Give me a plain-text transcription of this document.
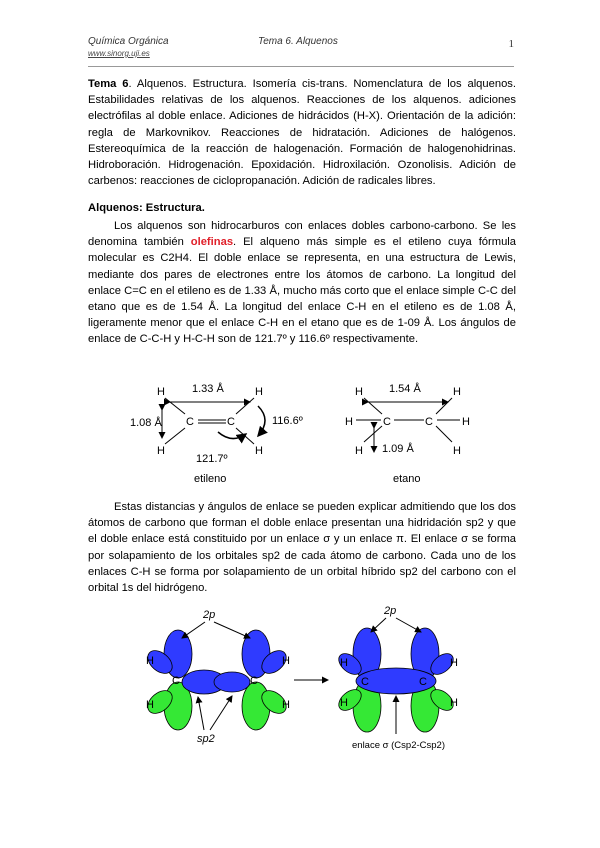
Química Orgánica
www.sinorg.uji.es
Tema 6. Alquenos	1
Tema 6. Alquenos. Estructura. Isomería cis-trans. Nomenclatura de los alquenos. Estabilidades relativas de los alquenos. Reacciones de los alquenos. adiciones electrófilas al doble enlace. Adiciones de hidrácidos (H-X). Orientación de la adición: regla de Markovnikov. Reacciones de hidratación. Adiciones de halógenos. Estereoquímica de la reacción de halogenación. Formación de halogenohidrinas. Hidroboración. Hidrogenación. Epoxidación. Hidroxilación. Ozonolisis. Adición de carbenos: reacciones de ciclopropanación. Adición de radicales libres.
Alquenos: Estructura.
Los alquenos son hidrocarburos con enlaces dobles carbono-carbono. Se les denomina también olefinas. El alqueno más simple es el etileno cuya fórmula molecular es C2H4. El doble enlace se representa, en una estructura de Lewis, mediante dos pares de electrones entre los átomos de carbono. La longitud del enlace C=C en el etileno es de 1.33 Å, mucho más corto que el enlace simple C-C del etano que es de 1.54 Å. La longitud del enlace C-H en el etileno es de 1.08 Å, ligeramente menor que el enlace C-H en el etano que es de 1-09 Å. Los ángulos de enlace de C-C-H y H-C-H son de 121.7º y 116.6º respectivamente.
C	C
H
H
H
H
1.33 Å
1.08 Å	116.6º
121.7º
etileno
C	C
H
H
H
H
H
H
1.54 Å
1.09 Å
etano
Estas distancias y ángulos de enlace se pueden explicar admitiendo que los dos átomos de carbono que forman el doble enlace presentan una hidridación sp2 y que el doble enlace está constituido por un enlace σ y un enlace π. El enlace σ se forma por solapamiento de los orbitales sp2 de cada átomo de carbono. Cada uno de los enlaces C-H se forma por solapamiento de un orbital híbrido sp2 del carbono con el orbital 1s del hidrógeno.
C	C
H
H
H
H
2p
sp2
C	C
H
H
H
H
2p
enlace σ (Csp2-Csp2)
